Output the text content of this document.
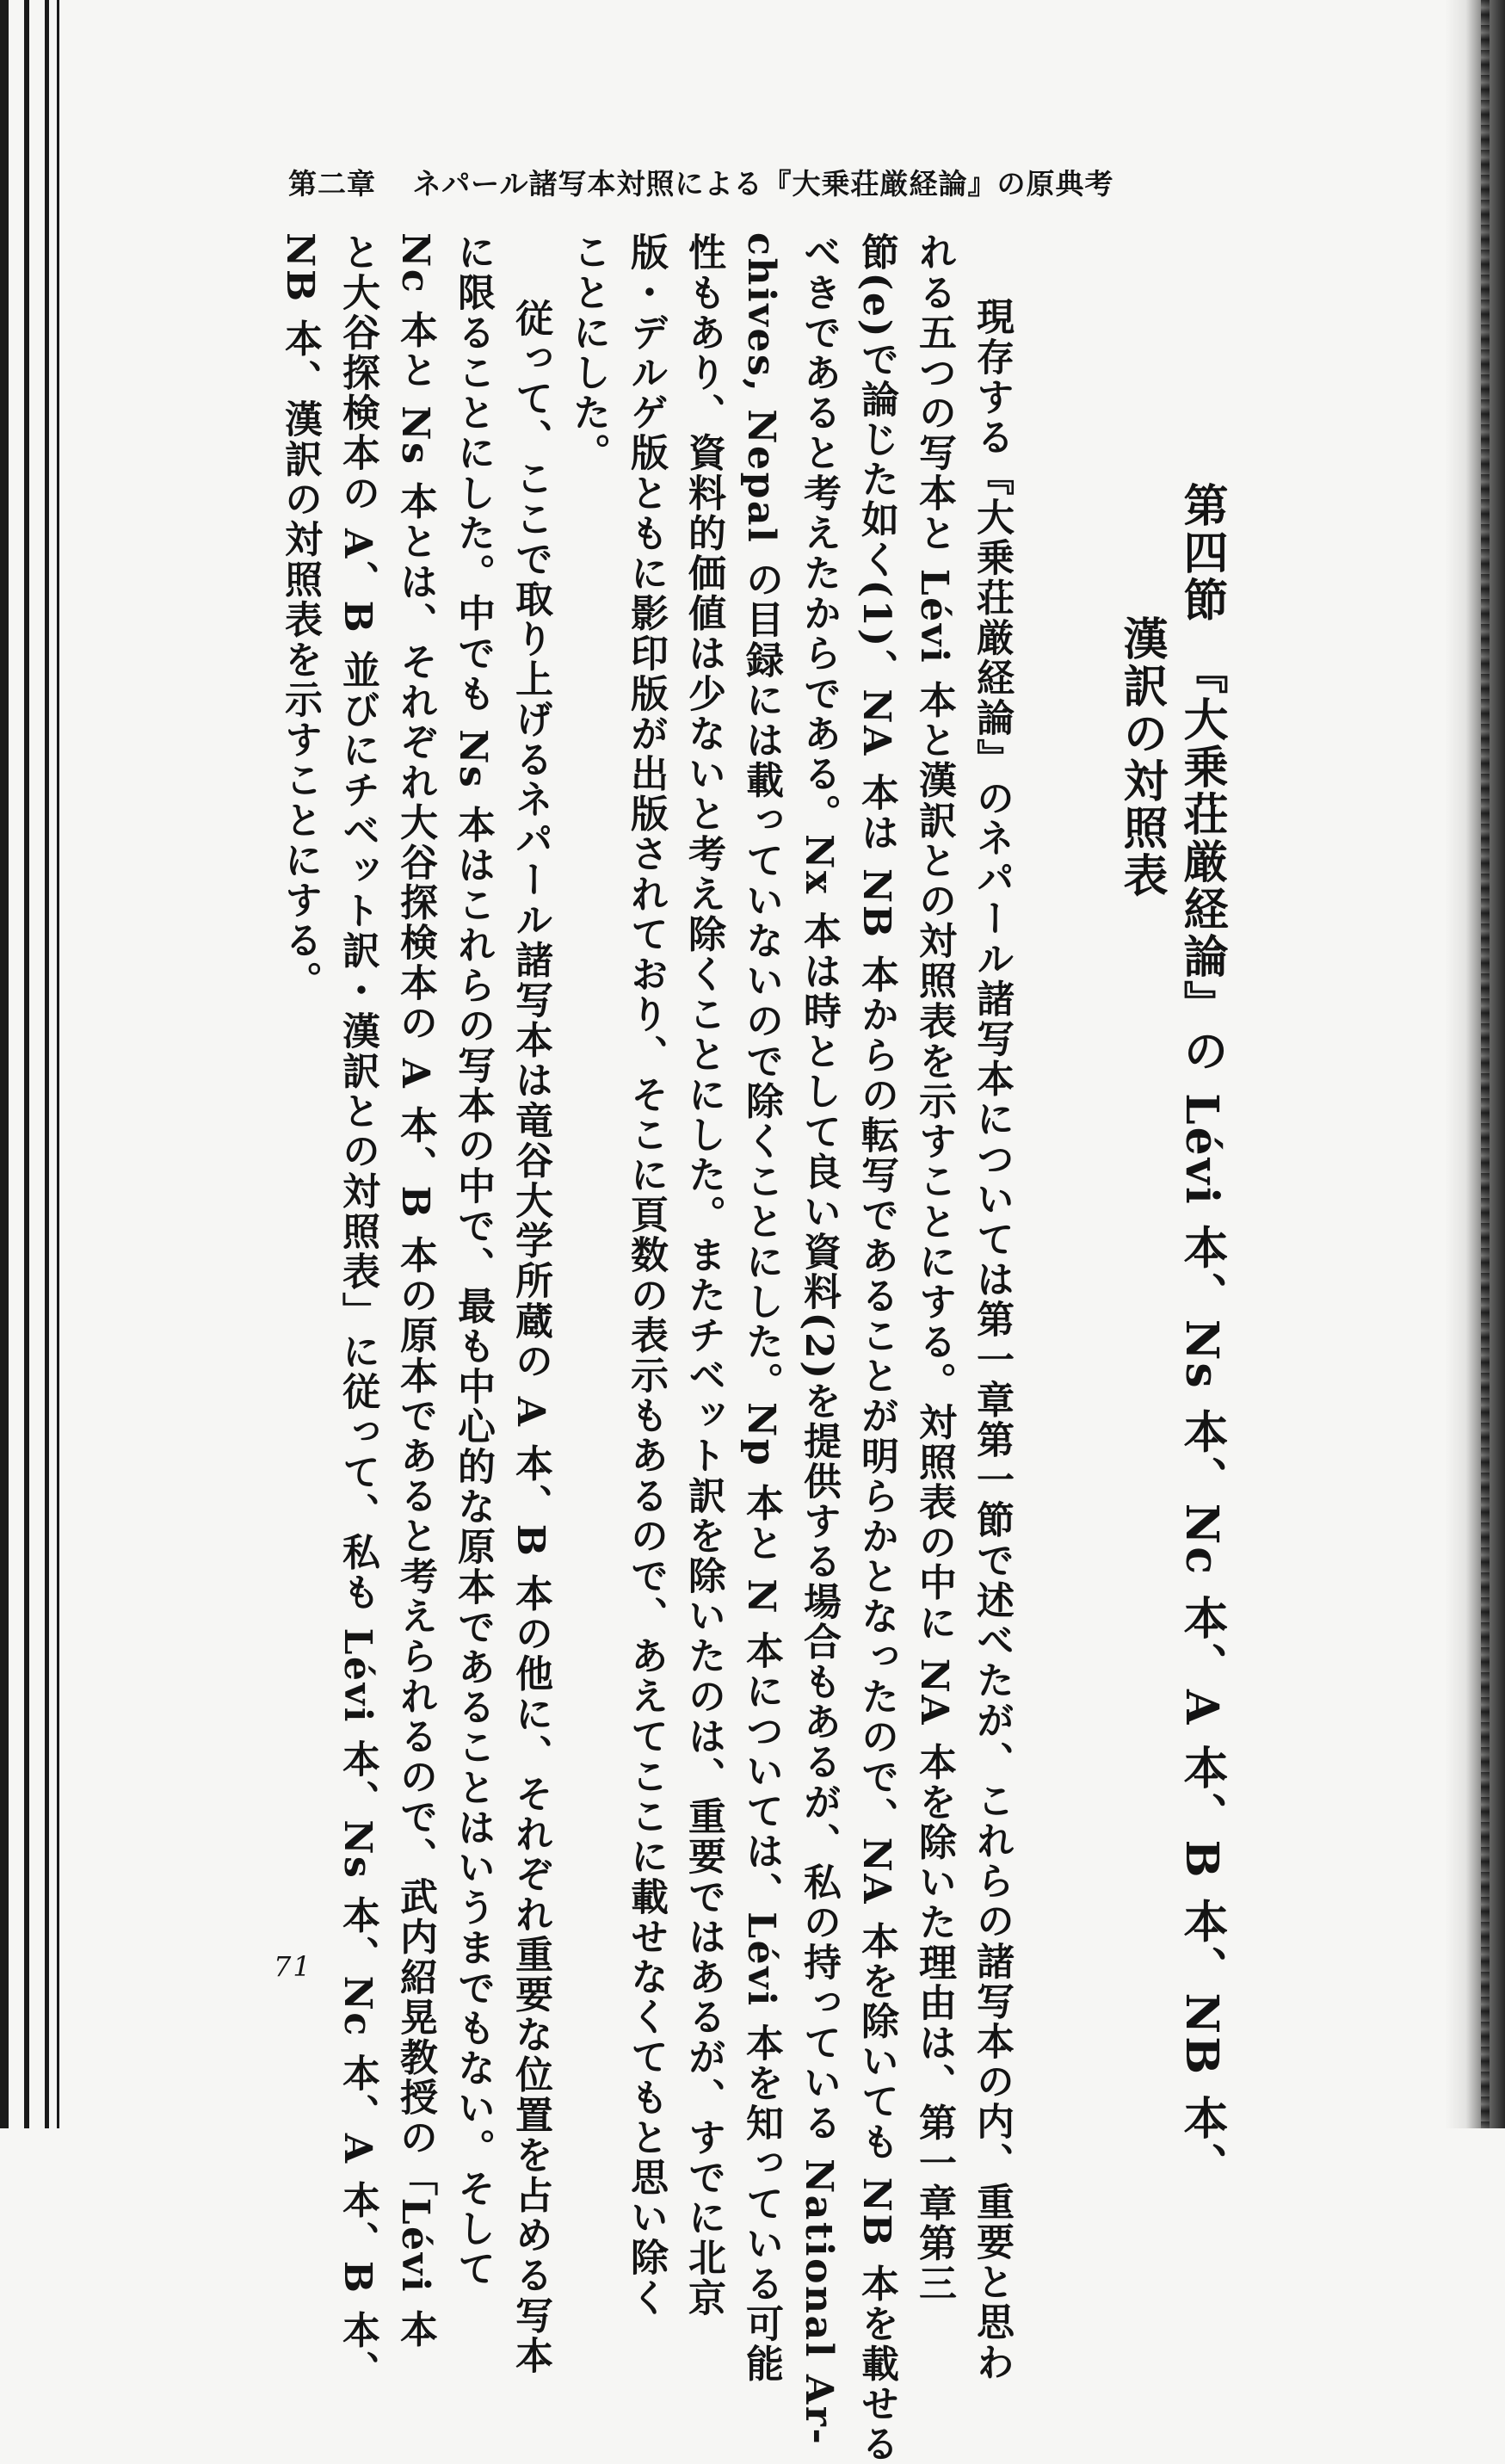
第二章 ネパール諸写本対照による『大乗荘厳経論』の原典考
第四節　『大乗荘厳経論』の Lévi 本、Ns 本、Nc 本、A 本、B 本、NB 本、
漢訳の対照表
現存する『大乗荘厳経論』のネパール諸写本については第一章第一節で述べたが、これらの諸写本の内、重要と思わ
れる五つの写本と Lévi 本と漢訳との対照表を示すことにする。対照表の中に NA 本を除いた理由は、第一章第三
節(e)で論じた如く(1)、NA 本は NB 本からの転写であることが明らかとなったので、NA 本を除いても NB 本を載せる
べきであると考えたからである。Nx 本は時として良い資料(2)を提供する場合もあるが、私の持っている National Ar-
chives, Nepal の目録には載っていないので除くことにした。Np 本と N 本については、Lévi 本を知っている可能
性もあり、資料的価値は少ないと考え除くことにした。またチベット訳を除いたのは、重要ではあるが、すでに北京
版・デルゲ版ともに影印版が出版されており、そこに頁数の表示もあるので、あえてここに載せなくてもと思い除く
ことにした。
　従って、ここで取り上げるネパール諸写本は竜谷大学所蔵の A 本、B 本の他に、それぞれ重要な位置を占める写本
に限ることにした。中でも Ns 本はこれらの写本の中で、最も中心的な原本であることはいうまでもない。そして
Nc 本と Ns 本とは、それぞれ大谷探検本の A 本、B 本の原本であると考えられるので、武内紹晃教授の「Lévi 本
と大谷探検本の A、B 並びにチベット訳・漢訳との対照表」に従って、私も Lévi 本、Ns 本、Nc 本、A 本、B 本、
NB 本、漢訳の対照表を示すことにする。
71
